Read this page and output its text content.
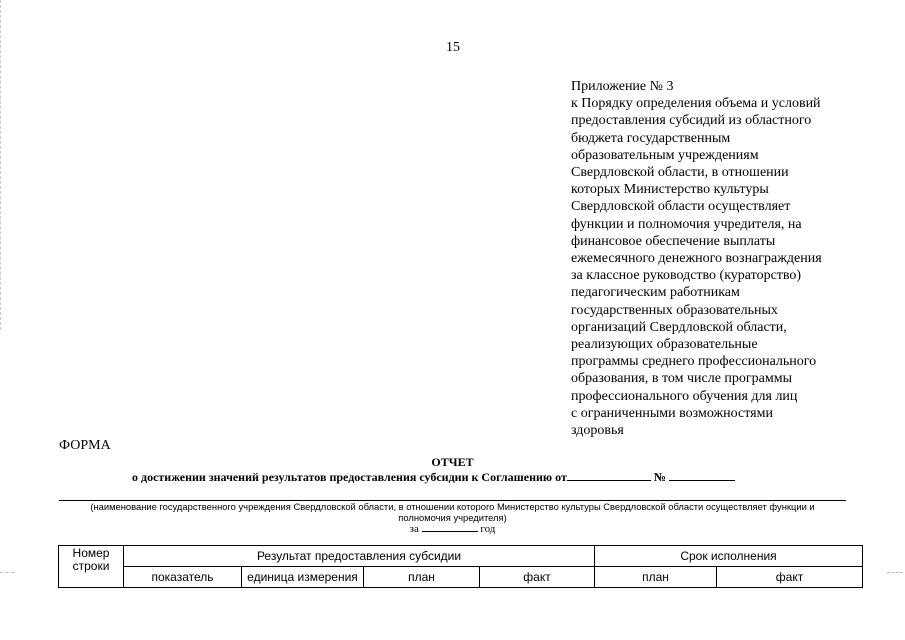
15
Приложение № 3
к Порядку определения объема и условий
предоставления субсидий из областного
бюджета государственным
образовательным учреждениям
Свердловской области, в отношении
которых Министерство культуры
Свердловской области осуществляет
функции и полномочия учредителя, на
финансовое обеспечение выплаты
ежемесячного денежного вознаграждения
за классное руководство (кураторство)
педагогическим работникам
государственных образовательных
организаций Свердловской области,
реализующих образовательные
программы среднего профессионального
образования, в том числе программы
профессионального обучения для лиц
с ограниченными возможностями
здоровья
ФОРМА
ОТЧЕТ
о достижении значений результатов предоставления субсидии к Соглашению от	№
(наименование государственного учреждения Свердловской области, в отношении которого Министерство культуры Свердловской области осуществляет функции и
полномочия учредителя)
за	год
Номер строки	Результат предоставления субсидии				Срок исполнения	
	показатель	единица измерения	план	факт	план	факт
